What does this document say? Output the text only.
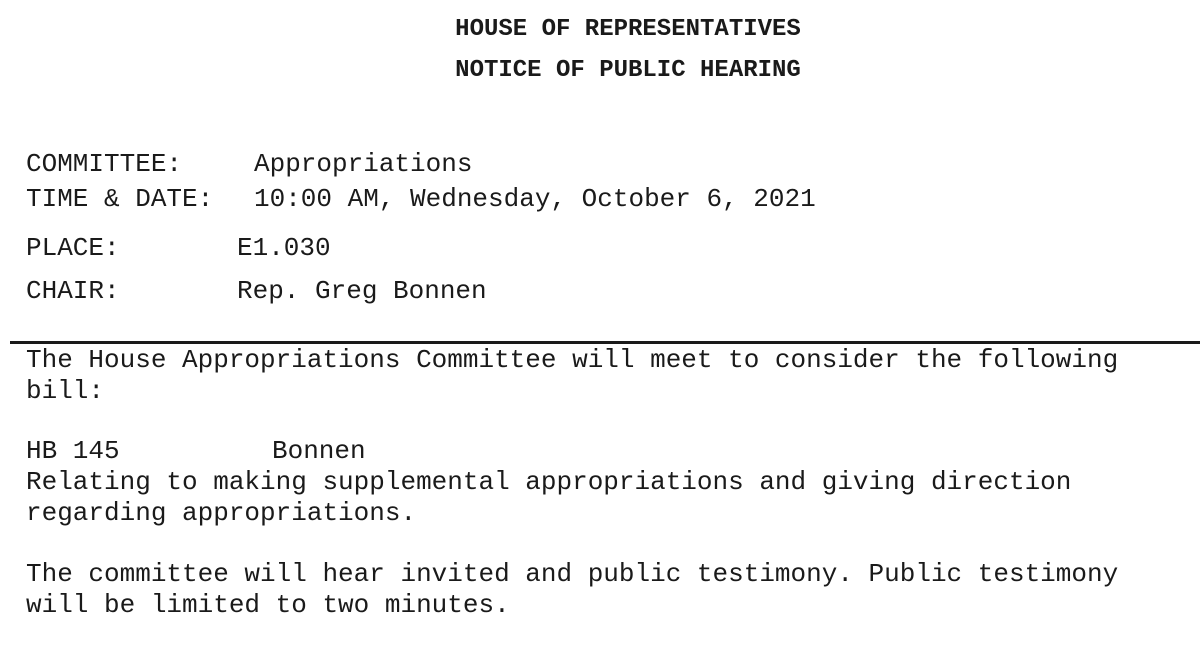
HOUSE OF REPRESENTATIVES
NOTICE OF PUBLIC HEARING
COMMITTEE:	Appropriations
TIME & DATE: 10:00 AM, Wednesday, October 6, 2021
PLACE:	E1.030
CHAIR:	Rep. Greg Bonnen
The House Appropriations Committee will meet to consider the following
bill:
HB 145	Bonnen
Relating to making supplemental appropriations and giving direction
regarding appropriations.
The committee will hear invited and public testimony. Public testimony
will be limited to two minutes.
